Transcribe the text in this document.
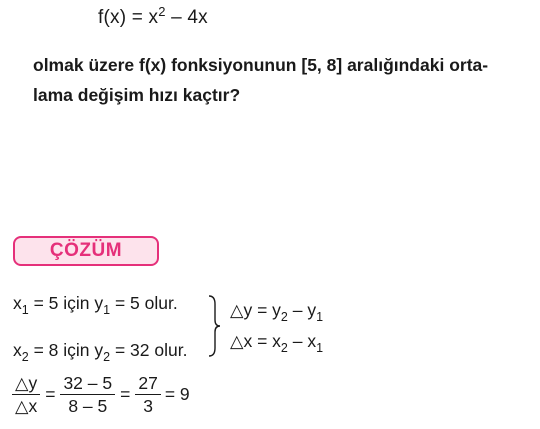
$f(x) = x^2 - 4x$
olmak üzere f(x) fonksiyonunun [5, 8] aralığındaki orta-
lama değişim hızı kaçtır?
ÇÖZÜM
$x_1 = 5$ için $y_1 = 5$ olur.
$x_2 = 8$ için $y_2 = 32$ olur.
△y = $y_2 - y_1$
△x = $x_2 - x_1$
$\frac{\triangle y}{\triangle x} = \frac{32 - 5}{8 - 5} = \frac{27}{3} = 9$
